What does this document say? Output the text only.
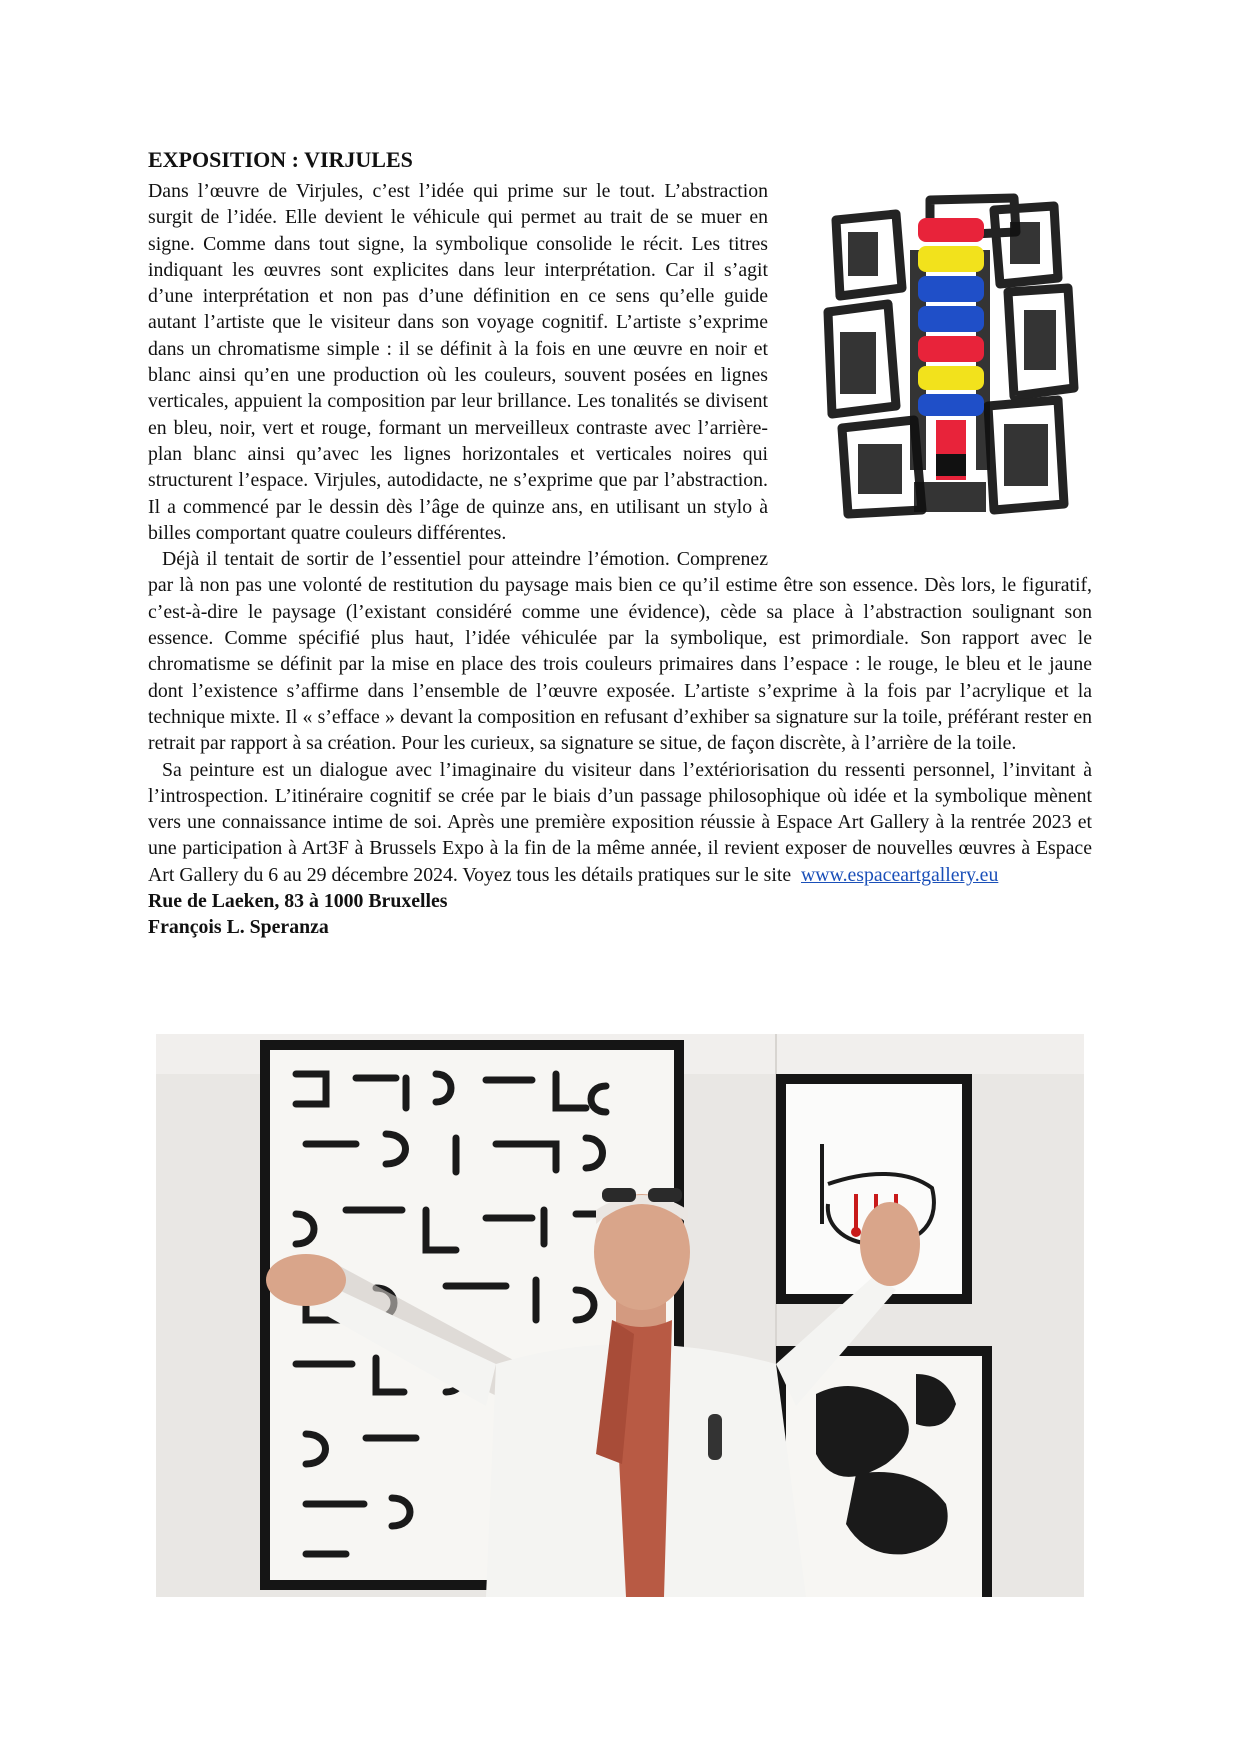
EXPOSITION : VIRJULES

Dans l’œuvre de Virjules, c’est l’idée qui prime sur le tout. L’abstraction surgit de l’idée. Elle devient le véhicule qui permet au trait de se muer en signe. Comme dans tout signe, la symbolique consolide le récit. Les titres indiquant les œuvres sont explicites dans leur interprétation. Car il s’agit d’une interprétation et non pas d’une définition en ce sens qu’elle guide autant l’artiste que le visiteur dans son voyage cognitif. L’artiste s’exprime dans un chromatisme simple : il se définit à la fois en une œuvre en noir et blanc ainsi qu’en une production où les couleurs, souvent posées en lignes verticales, appuient la composition par leur brillance. Les tonalités se divisent en bleu, noir, vert et rouge, formant un merveilleux contraste avec l’arrière-plan blanc ainsi qu’avec les lignes horizontales et verticales noires qui structurent l’espace. Virjules, autodidacte, ne s’exprime que par l’abstraction. Il a commencé par le dessin dès l’âge de quinze ans, en utilisant un stylo à billes comportant quatre couleurs différentes.

Déjà il tentait de sortir de l’essentiel pour atteindre l’émotion. Comprenez par là non pas une volonté de restitution du paysage mais bien ce qu’il estime être son essence. Dès lors, le figuratif, c’est-à-dire le paysage (l’existant considéré comme une évidence), cède sa place à l’abstraction soulignant son essence. Comme spécifié plus haut, l’idée véhiculée par la symbolique, est primordiale. Son rapport avec le chromatisme se définit par la mise en place des trois couleurs primaires dans l’espace : le rouge, le bleu et le jaune dont l’existence s’affirme dans l’ensemble de l’œuvre exposée. L’artiste s’exprime à la fois par l’acrylique et la technique mixte. Il « s’efface » devant la composition en refusant d’exhiber sa signature sur la toile, préférant rester en retrait par rapport à sa création. Pour les curieux, sa signature se situe, de façon discrète, à l’arrière de la toile.

Sa peinture est un dialogue avec l’imaginaire du visiteur dans l’extériorisation du ressenti personnel, l’invitant à l’introspection. L’itinéraire cognitif se crée par le biais d’un passage philosophique où idée et la symbolique mènent vers une connaissance intime de soi. Après une première exposition réussie à Espace Art Gallery à la rentrée 2023 et une participation à Art3F à Brussels Expo à la fin de la même année, il revient exposer de nouvelles œuvres à Espace Art Gallery du 6 au 29 décembre 2024. Voyez tous les détails pratiques sur le site www.espaceartgallery.eu

Rue de Laeken, 83 à 1000 Bruxelles

François L. Speranza
